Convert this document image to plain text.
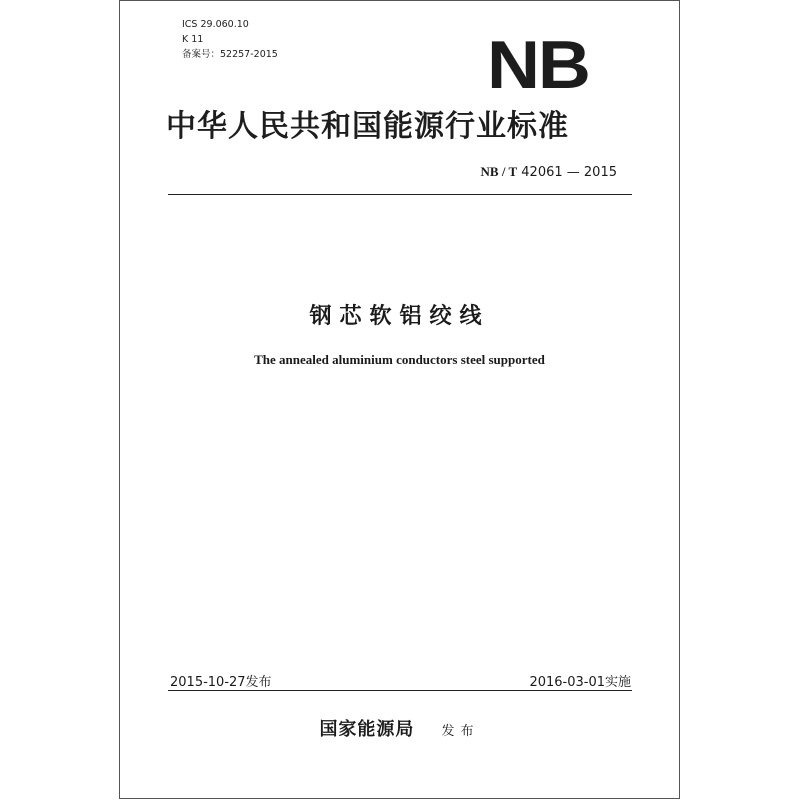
ICS 29.060.10
K 11
备案号：52257-2015	NB
中华人民共和国能源行业标准
NB / T 42061 — 2015
钢芯软铝绞线
The annealed aluminium conductors steel supported
2015-10-27发布	2016-03-01实施
国家能源局 发布
